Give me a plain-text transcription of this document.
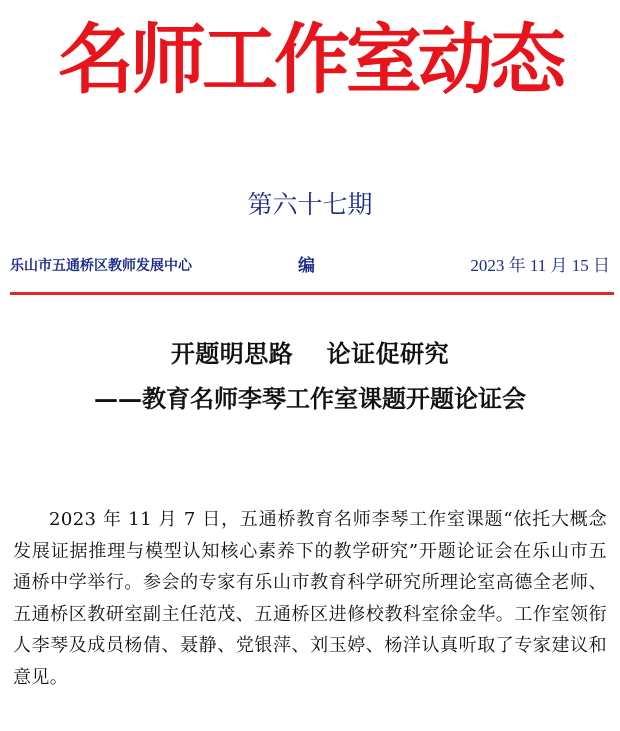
名师工作室动态
第六十七期
乐山市五通桥区教师发展中心	编	2023 年 11 月 15 日
开题明思路　 论证促研究
——教育名师李琴工作室课题开题论证会

2023 年 11 月 7 日，五通桥教育名师李琴工作室课题“依托大概念发展证据推理与模型认知核心素养下的教学研究”开题论证会在乐山市五通桥中学举行。参会的专家有乐山市教育科学研究所理论室高德全老师、五通桥区教研室副主任范茂、五通桥区进修校教科室徐金华。工作室领衔人李琴及成员杨倩、聂静、党银萍、刘玉婷、杨洋认真听取了专家建议和意见。
